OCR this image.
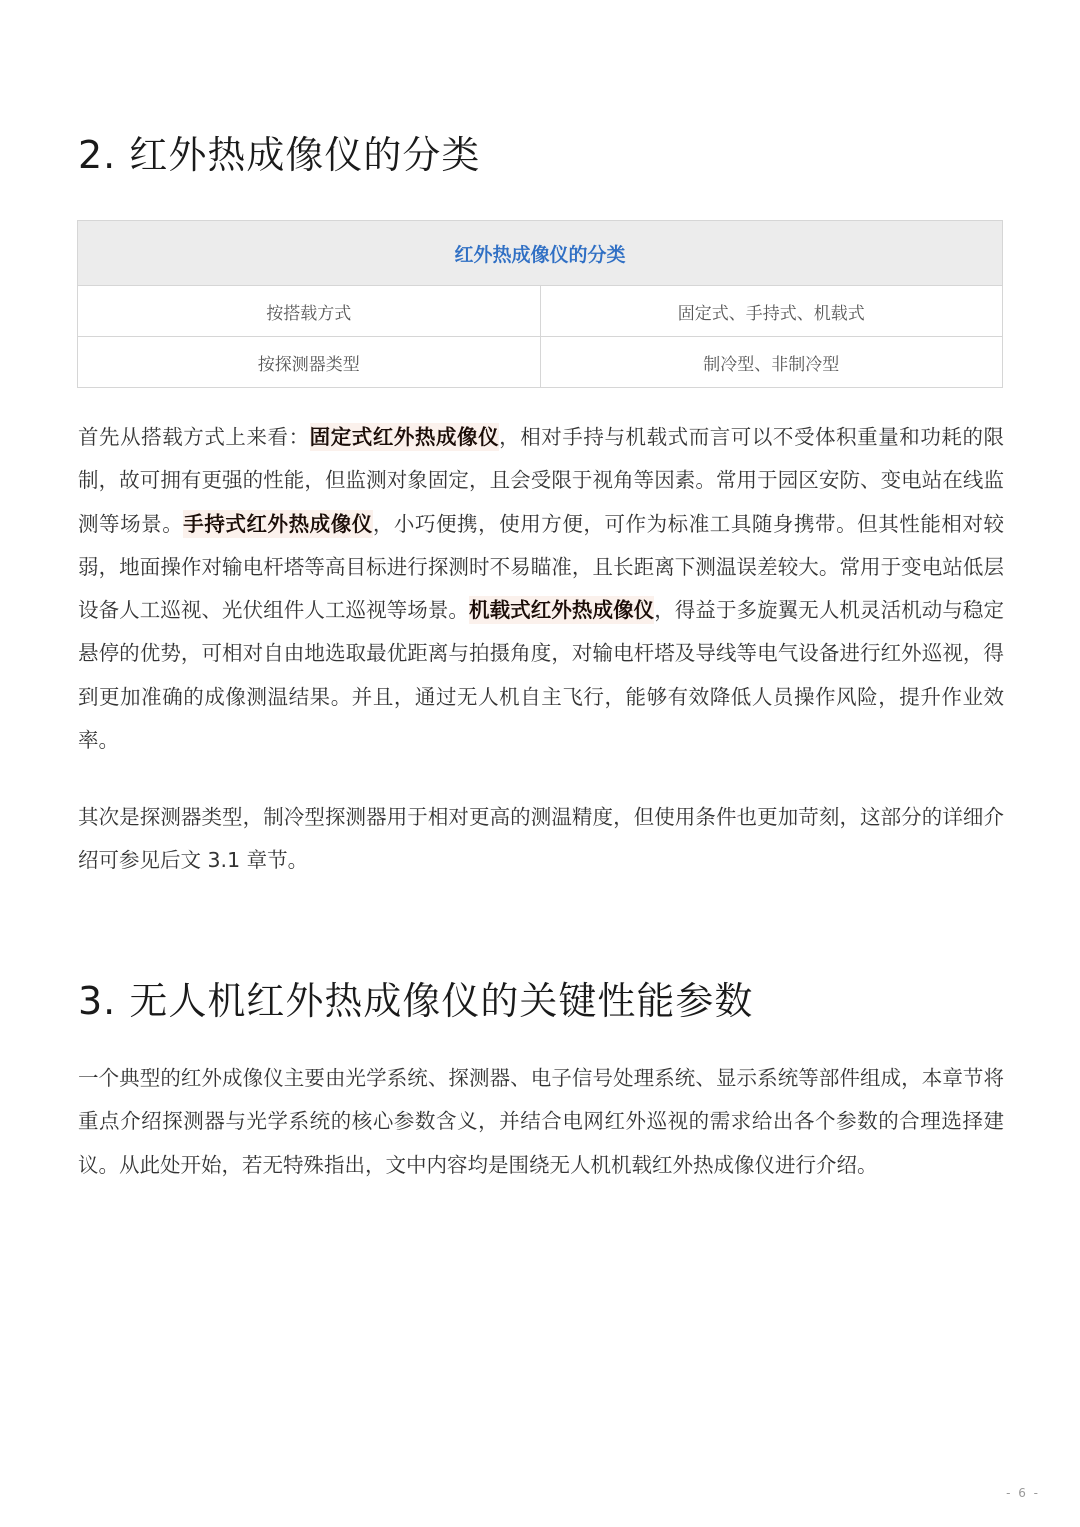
2. 红外热成像仪的分类
红外热成像仪的分类	
按搭载方式	固定式、手持式、机载式
按探测器类型	制冷型、非制冷型

首先从搭载方式上来看：固定式红外热成像仪，相对手持与机载式而言可以不受体积重量和功耗的限制，故可拥有更强的性能，但监测对象固定，且会受限于视角等因素。常用于园区安防、变电站在线监测等场景。手持式红外热成像仪，小巧便携，使用方便，可作为标准工具随身携带。但其性能相对较弱，地面操作对输电杆塔等高目标进行探测时不易瞄准，且长距离下测温误差较大。常用于变电站低层设备人工巡视、光伏组件人工巡视等场景。机载式红外热成像仪，得益于多旋翼无人机灵活机动与稳定悬停的优势，可相对自由地选取最优距离与拍摄角度，对输电杆塔及导线等电气设备进行红外巡视，得到更加准确的成像测温结果。并且，通过无人机自主飞行，能够有效降低人员操作风险，提升作业效率。

其次是探测器类型，制冷型探测器用于相对更高的测温精度，但使用条件也更加苛刻，这部分的详细介绍可参见后文 3.1 章节。

3. 无人机红外热成像仪的关键性能参数

一个典型的红外成像仪主要由光学系统、探测器、电子信号处理系统、显示系统等部件组成，本章节将重点介绍探测器与光学系统的核心参数含义，并结合电网红外巡视的需求给出各个参数的合理选择建议。从此处开始，若无特殊指出，文中内容均是围绕无人机机载红外热成像仪进行介绍。

- 6 -
